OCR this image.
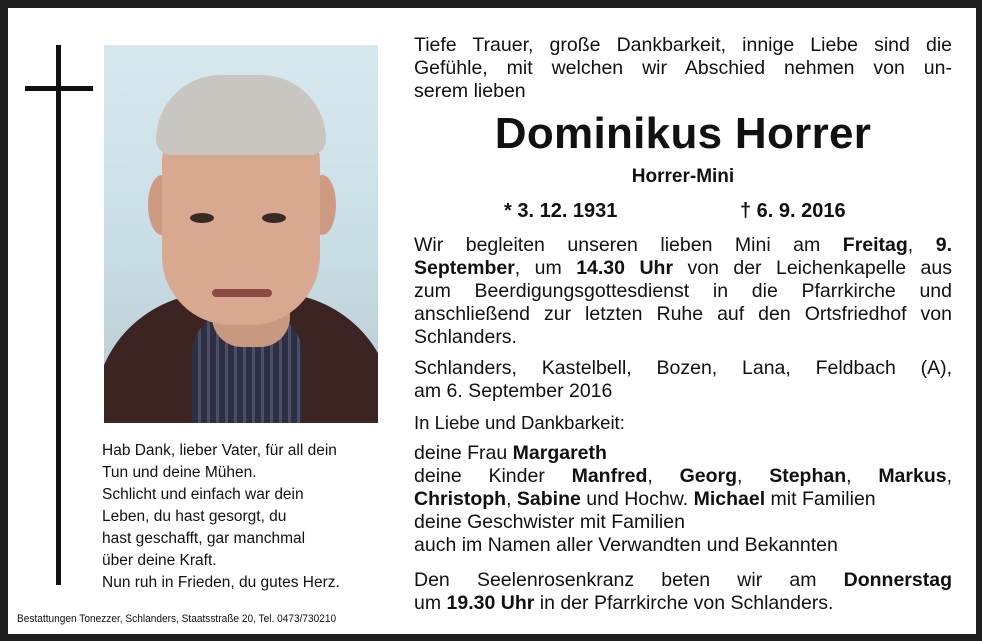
Hab Dank, lieber Vater, für all dein
Tun und deine Mühen.
Schlicht und einfach war dein
Leben, du hast gesorgt, du
hast geschafft, gar manchmal
über deine Kraft.
Nun ruh in Frieden, du gutes Herz.
Bestattungen Tonezzer, Schlanders, Staatsstraße 20, Tel. 0473/730210
Tiefe Trauer, große Dankbarkeit, innige Liebe sind die
Gefühle, mit welchen wir Abschied nehmen von un-
serem lieben
Dominikus Horrer
Horrer-Mini
* 3. 12. 1931	† 6. 9. 2016
Wir begleiten unseren lieben Mini am Freitag, 9.
September, um 14.30 Uhr von der Leichenkapelle aus
zum Beerdigungsgottesdienst in die Pfarrkirche und
anschließend zur letzten Ruhe auf den Ortsfriedhof von
Schlanders.
Schlanders, Kastelbell, Bozen, Lana, Feldbach (A),
am 6. September 2016
In Liebe und Dankbarkeit:
deine Frau Margareth
deine Kinder Manfred, Georg, Stephan, Markus,
Christoph, Sabine und Hochw. Michael mit Familien
deine Geschwister mit Familien
auch im Namen aller Verwandten und Bekannten
Den Seelenrosenkranz beten wir am Donnerstag
um 19.30 Uhr in der Pfarrkirche von Schlanders.
